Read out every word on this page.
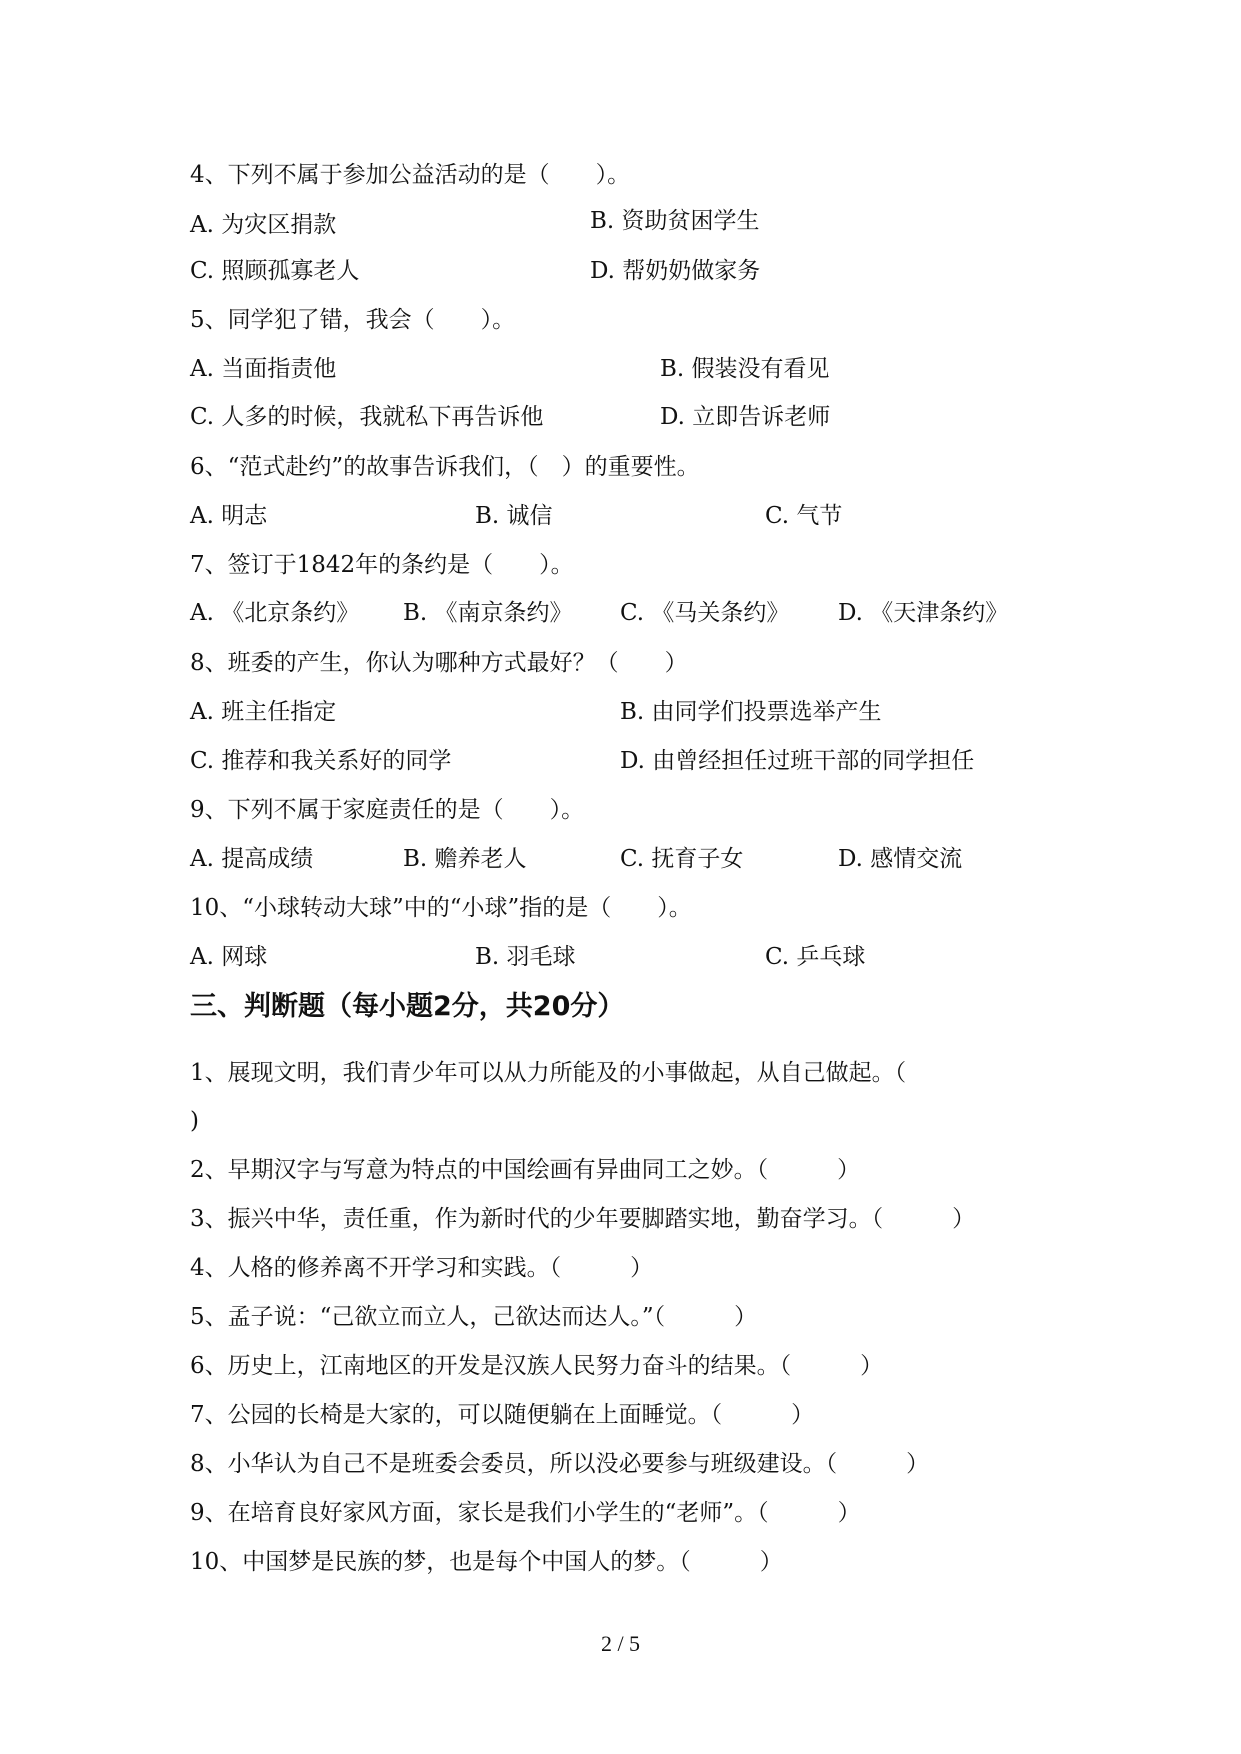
4、下列不属于参加公益活动的是（　　）。
A. 为灾区捐款	B. 资助贫困学生
C. 照顾孤寡老人	D. 帮奶奶做家务
5、同学犯了错，我会（　　）。
A. 当面指责他	B. 假装没有看见
C. 人多的时候，我就私下再告诉他	D. 立即告诉老师
6、“范式赴约”的故事告诉我们，（　）的重要性。
A. 明志	B. 诚信	C. 气节
7、签订于1842年的条约是（　　）。
A. 《北京条约》 B. 《南京条约》 C. 《马关条约》 D. 《天津条约》
8、班委的产生，你认为哪种方式最好？（　　）
A. 班主任指定	B. 由同学们投票选举产生
C. 推荐和我关系好的同学	D. 由曾经担任过班干部的同学担任
9、下列不属于家庭责任的是（　　）。
A. 提高成绩	B. 赡养老人	C. 抚育子女	D. 感情交流
10、“小球转动大球”中的“小球”指的是（　　）。
A. 网球	B. 羽毛球	C. 乒乓球
三、判断题（每小题2分，共20分）
1、展现文明，我们青少年可以从力所能及的小事做起，从自己做起。（
)
2、早期汉字与写意为特点的中国绘画有异曲同工之妙。（　　　）
3、振兴中华，责任重，作为新时代的少年要脚踏实地，勤奋学习。（　　　）
4、人格的修养离不开学习和实践。（　　　）
5、孟子说：“己欲立而立人，己欲达而达人。”（　　　）
6、历史上，江南地区的开发是汉族人民努力奋斗的结果。（　　　）
7、公园的长椅是大家的，可以随便躺在上面睡觉。（　　　）
8、小华认为自己不是班委会委员，所以没必要参与班级建设。（　　　）
9、在培育良好家风方面，家长是我们小学生的“老师”。（　　　）
10、中国梦是民族的梦，也是每个中国人的梦。（　　　）
2 / 5
